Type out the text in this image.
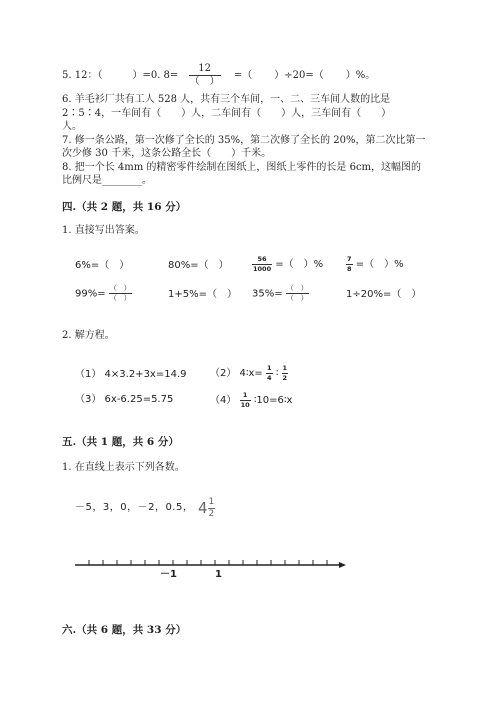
5. 12：（	）=0. $8= \frac{12}{( )}$ =（ ）÷20=（ ）%。
6. 羊毛衫厂共有工人 528 人，共有三个车间，一、二、三车间人数的比是
2∶5∶4，一车间有（　　）人，二车间有（　　）人，三车间有（　　）
人。
7. 修一条公路，第一次修了全长的 35%，第二次修了全长的 20%，第二次比第一
次少修 30 千米，这条公路全长（　　）千米。
8. 把一个长 4mm 的精密零件绘制在图纸上，图纸上零件的长是 6cm，这幅图的
比例尺是________。
四.（共 2 题，共 16 分）
1. 直接写出答案。
6%=（　）	80%=（　）	$\frac{56}{1000}$ =（　）%	$\frac{7}{8}$ =（　）%
$99\%= \frac{( )}{( )}$	1+5%=（　） $35\%= \frac{( )}{( )}$	1÷20%=（　）
2. 解方程。
（1） 4×3.2+3x=14.9 （2） 4∶x= $\frac{1}{4}$ ∶ $\frac{1}{2}$
（3） 6x-6.25=5.75	$(4) \frac{1}{10}$ ∶10=6∶x
五.（共 1 题，共 6 分）
1. 在直线上表示下列各数。
－5，3，0，－2，0.5， $4 \frac{1}{2}$
－1	1
六.（共 6 题，共 33 分）
